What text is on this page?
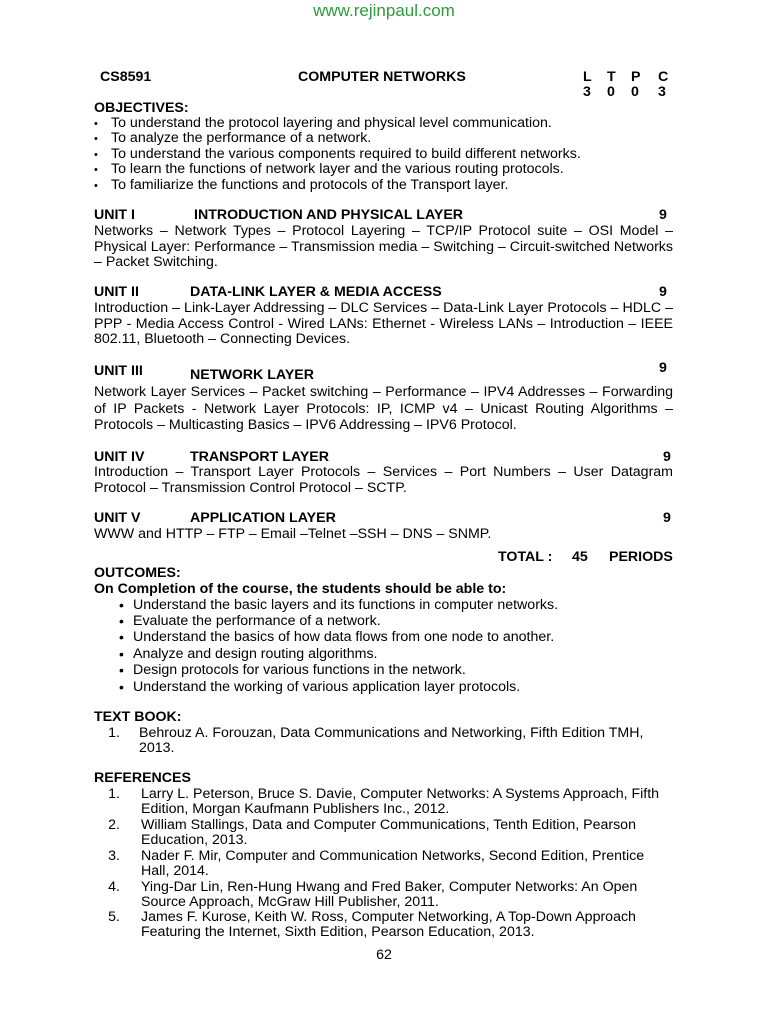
www.rejinpaul.com
CS8591	COMPUTER NETWORKS	L T P C
3 0 0 3
OBJECTIVES:
• To understand the protocol layering and physical level communication.
• To analyze the performance of a network.
• To understand the various components required to build different networks.
• To learn the functions of network layer and the various routing protocols.
• To familiarize the functions and protocols of the Transport layer.
UNIT I	INTRODUCTION AND PHYSICAL LAYER	9
Networks – Network Types – Protocol Layering – TCP/IP Protocol suite – OSI Model – Physical Layer: Performance – Transmission media – Switching – Circuit-switched Networks – Packet Switching.
UNIT II	DATA-LINK LAYER & MEDIA ACCESS	9
Introduction – Link-Layer Addressing – DLC Services – Data-Link Layer Protocols – HDLC – PPP - Media Access Control - Wired LANs: Ethernet - Wireless LANs – Introduction – IEEE 802.11, Bluetooth – Connecting Devices.
UNIT III	NETWORK LAYER	9
Network Layer Services – Packet switching – Performance – IPV4 Addresses – Forwarding of IP Packets - Network Layer Protocols: IP, ICMP v4 – Unicast Routing Algorithms – Protocols – Multicasting Basics – IPV6 Addressing – IPV6 Protocol.
UNIT IV	TRANSPORT LAYER	9
Introduction – Transport Layer Protocols – Services – Port Numbers – User Datagram Protocol – Transmission Control Protocol – SCTP.
UNIT V	APPLICATION LAYER	9
WWW and HTTP – FTP – Email –Telnet –SSH – DNS – SNMP.
TOTAL : 45 PERIODS
OUTCOMES:
On Completion of the course, the students should be able to:
• Understand the basic layers and its functions in computer networks.
• Evaluate the performance of a network.
• Understand the basics of how data flows from one node to another.
• Analyze and design routing algorithms.
• Design protocols for various functions in the network.
• Understand the working of various application layer protocols.
TEXT BOOK:
1. Behrouz A. Forouzan, Data Communications and Networking, Fifth Edition TMH,
2013.
REFERENCES
1. Larry L. Peterson, Bruce S. Davie, Computer Networks: A Systems Approach, Fifth
Edition, Morgan Kaufmann Publishers Inc., 2012.
2. William Stallings, Data and Computer Communications, Tenth Edition, Pearson
Education, 2013.
3. Nader F. Mir, Computer and Communication Networks, Second Edition, Prentice
Hall, 2014.
4. Ying-Dar Lin, Ren-Hung Hwang and Fred Baker, Computer Networks: An Open
Source Approach, McGraw Hill Publisher, 2011.
5. James F. Kurose, Keith W. Ross, Computer Networking, A Top-Down Approach
Featuring the Internet, Sixth Edition, Pearson Education, 2013.
62
